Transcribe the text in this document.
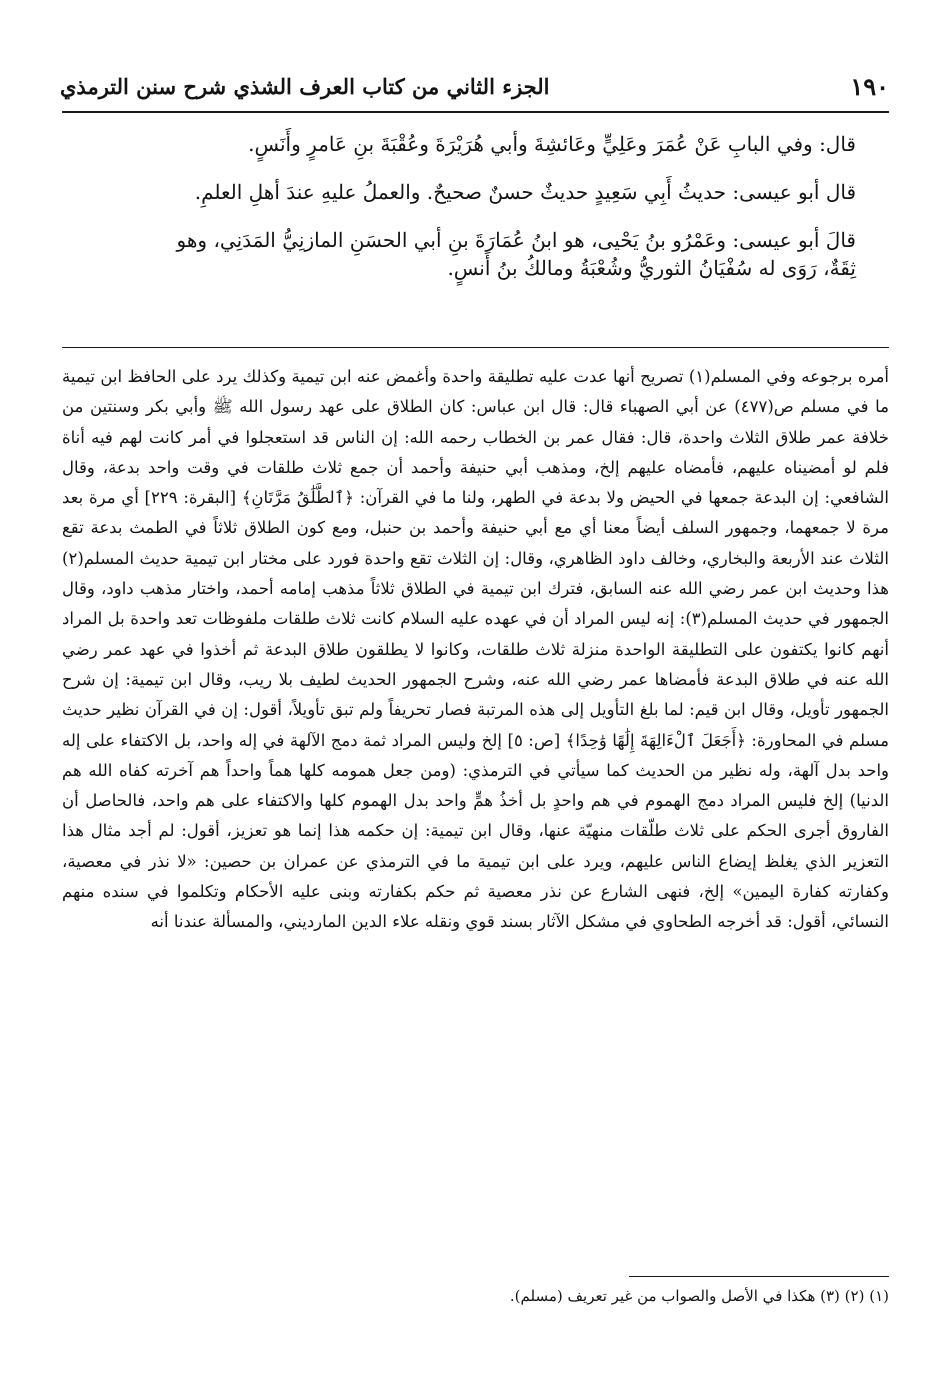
١٩٠
الجزء الثاني من كتاب العرف الشذي شرح سنن الترمذي

قال: وفي البابِ عَنْ عُمَرَ وعَلِيٍّ وعَائشِةَ وأبي هُرَيْرَةَ وعُقْبَةَ بنِ عَامرٍ وأَنَسٍ.

قال أبو عيسى: حديثُ أَبِي سَعِيدٍ حديثٌ حسنٌ صحيحٌ. والعملُ عليهِ عندَ أهلِ العلمِ.

قالَ أبو عيسى: وعَمْرُو بنُ يَحْيى، هو ابنُ عُمَارَةَ بنِ أبي الحسَنِ المازنِيُّ المَدَنِي، وهو ثِقَةٌ، رَوَى له سُفْيَانُ الثوريُّ وشُعْبَةُ ومالكُ بنُ أَنسٍ.

أمره برجوعه وفي المسلم(١) تصريح أنها عدت عليه تطليقة واحدة وأغمض عنه ابن تيمية وكذلك يرد على الحافظ ابن تيمية ما في مسلم ص(٤٧٧) عن أبي الصهباء قال: قال ابن عباس: كان الطلاق على عهد رسول الله ﷺ وأبي بكر وسنتين من خلافة عمر طلاق الثلاث واحدة، قال: فقال عمر بن الخطاب رحمه الله: إن الناس قد استعجلوا في أمر كانت لهم فيه أناة فلم لو أمضيناه عليهم، فأمضاه عليهم إلخ، ومذهب أبي حنيفة وأحمد أن جمع ثلاث طلقات في وقت واحد بدعة، وقال الشافعي: إن البدعة جمعها في الحيض ولا بدعة في الطهر، ولنا ما في القرآن: ﴿ٱلطَّلَٰقُ مَرَّتَانِ﴾ [البقرة: ٢٢٩] أي مرة بعد مرة لا جمعهما، وجمهور السلف أيضاً معنا أي مع أبي حنيفة وأحمد بن حنبل، ومع كون الطلاق ثلاثاً في الطمث بدعة تقع الثلاث عند الأربعة والبخاري، وخالف داود الظاهري، وقال: إن الثلاث تقع واحدة فورد على مختار ابن تيمية حديث المسلم(٢) هذا وحديث ابن عمر رضي الله عنه السابق، فترك ابن تيمية في الطلاق ثلاثاً مذهب إمامه أحمد، واختار مذهب داود، وقال الجمهور في حديث المسلم(٣): إنه ليس المراد أن في عهده عليه السلام كانت ثلاث طلقات ملفوظات تعد واحدة بل المراد أنهم كانوا يكتفون على التطليقة الواحدة منزلة ثلاث طلقات، وكانوا لا يطلقون طلاق البدعة ثم أخذوا في عهد عمر رضي الله عنه في طلاق البدعة فأمضاها عمر رضي الله عنه، وشرح الجمهور الحديث لطيف بلا ريب، وقال ابن تيمية: إن شرح الجمهور تأويل، وقال ابن قيم: لما بلغ التأويل إلى هذه المرتبة فصار تحريفاً ولم تبق تأويلاً، أقول: إن في القرآن نظير حديث مسلم في المحاورة: ﴿أَجَعَلَ ٱلْءَالِهَةَ إِلَٰهًا وَٰحِدًا﴾ [ص: ٥] إلخ وليس المراد ثمة دمج الآلهة في إله واحد، بل الاكتفاء على إله واحد بدل آلهة، وله نظير من الحديث كما سيأتي في الترمذي: (ومن جعل همومه كلها هماً واحداً هم آخرته كفاه الله هم الدنيا) إلخ فليس المراد دمج الهموم في هم واحدٍ بل أخذُ همٍّ واحد بدل الهموم كلها والاكتفاء على هم واحد، فالحاصل أن الفاروق أجرى الحكم على ثلاث طلّقات منهيّة عنها، وقال ابن تيمية: إن حكمه هذا إنما هو تعزيز، أقول: لم أجد مثال هذا التعزير الذي يغلظ إيضاع الناس عليهم، ويرد على ابن تيمية ما في الترمذي عن عمران بن حصين: «لا نذر في معصية، وكفارته كفارة اليمين» إلخ، فنهى الشارع عن نذر معصية ثم حكم بكفارته وبنى عليه الأحكام وتكلموا في سنده منهم النسائي، أقول: قد أخرجه الطحاوي في مشكل الآثار بسند قوي ونقله علاء الدين المارديني، والمسألة عندنا أنه

(١) (٢) (٣) هكذا في الأصل والصواب من غير تعريف (مسلم).
